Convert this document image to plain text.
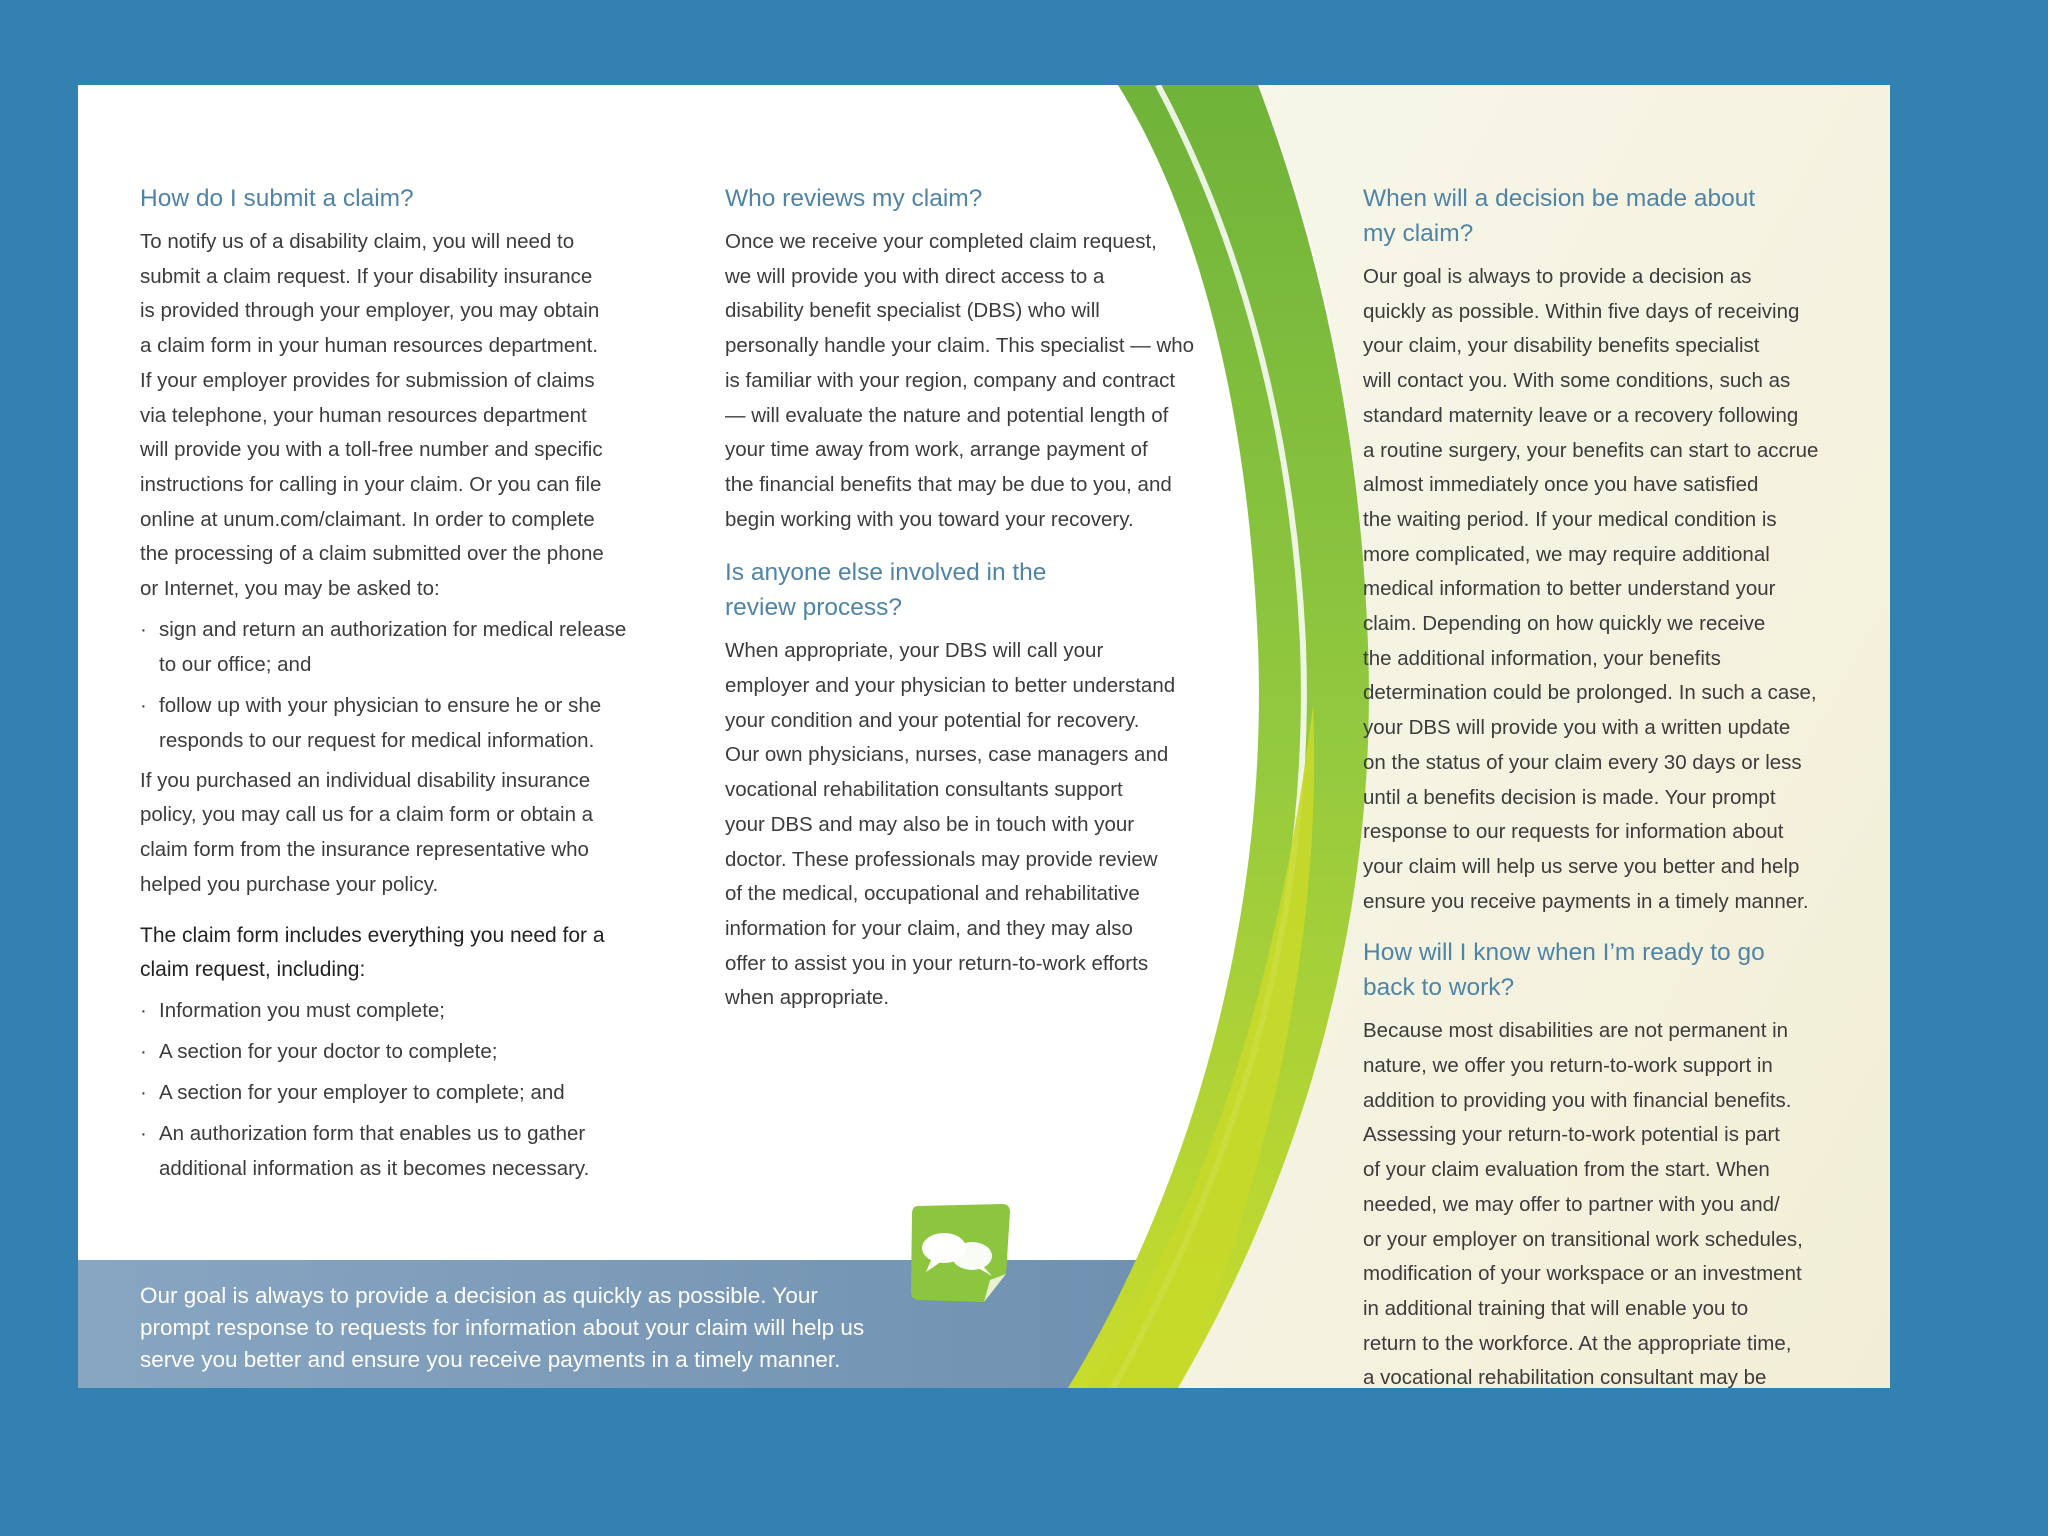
How do I submit a claim?

To notify us of a disability claim, you will need to
submit a claim request. If your disability insurance
is provided through your employer, you may obtain
a claim form in your human resources department.
If your employer provides for submission of claims
via telephone, your human resources department
will provide you with a toll-free number and specific
instructions for calling in your claim. Or you can file
online at unum.com/claimant. In order to complete
the processing of a claim submitted over the phone
or Internet, you may be asked to:

· sign and return an authorization for medical release
to our office; and
· follow up with your physician to ensure he or she
responds to our request for medical information.

If you purchased an individual disability insurance
policy, you may call us for a claim form or obtain a
claim form from the insurance representative who
helped you purchase your policy.

The claim form includes everything you need for a
claim request, including:

· Information you must complete;
· A section for your doctor to complete;
· A section for your employer to complete; and
· An authorization form that enables us to gather
additional information as it becomes necessary.
Who reviews my claim?

Once we receive your completed claim request,
we will provide you with direct access to a
disability benefit specialist (DBS) who will
personally handle your claim. This specialist — who
is familiar with your region, company and contract
— will evaluate the nature and potential length of
your time away from work, arrange payment of
the financial benefits that may be due to you, and
begin working with you toward your recovery.

Is anyone else involved in the
review process?

When appropriate, your DBS will call your
employer and your physician to better understand
your condition and your potential for recovery.
Our own physicians, nurses, case managers and
vocational rehabilitation consultants support
your DBS and may also be in touch with your
doctor. These professionals may provide review
of the medical, occupational and rehabilitative
information for your claim, and they may also
offer to assist you in your return-to-work efforts
when appropriate.

When will a decision be made about
my claim?

Our goal is always to provide a decision as
quickly as possible. Within five days of receiving
your claim, your disability benefits specialist
will contact you. With some conditions, such as
standard maternity leave or a recovery following
a routine surgery, your benefits can start to accrue
almost immediately once you have satisfied
the waiting period. If your medical condition is
more complicated, we may require additional
medical information to better understand your
claim. Depending on how quickly we receive
the additional information, your benefits
determination could be prolonged. In such a case,
your DBS will provide you with a written update
on the status of your claim every 30 days or less
until a benefits decision is made. Your prompt
response to our requests for information about
your claim will help us serve you better and help
ensure you receive payments in a timely manner.

How will I know when I’m ready to go
back to work?

Because most disabilities are not permanent in
nature, we offer you return-to-work support in
addition to providing you with financial benefits.
Assessing your return-to-work potential is part
of your claim evaluation from the start. When
needed, we may offer to partner with you and/
or your employer on transitional work schedules,
modification of your workspace or an investment
in additional training that will enable you to
return to the workforce. At the appropriate time,
a vocational rehabilitation consultant may be

Our goal is always to provide a decision as quickly as possible. Your
prompt response to requests for information about your claim will help us
serve you better and ensure you receive payments in a timely manner.
